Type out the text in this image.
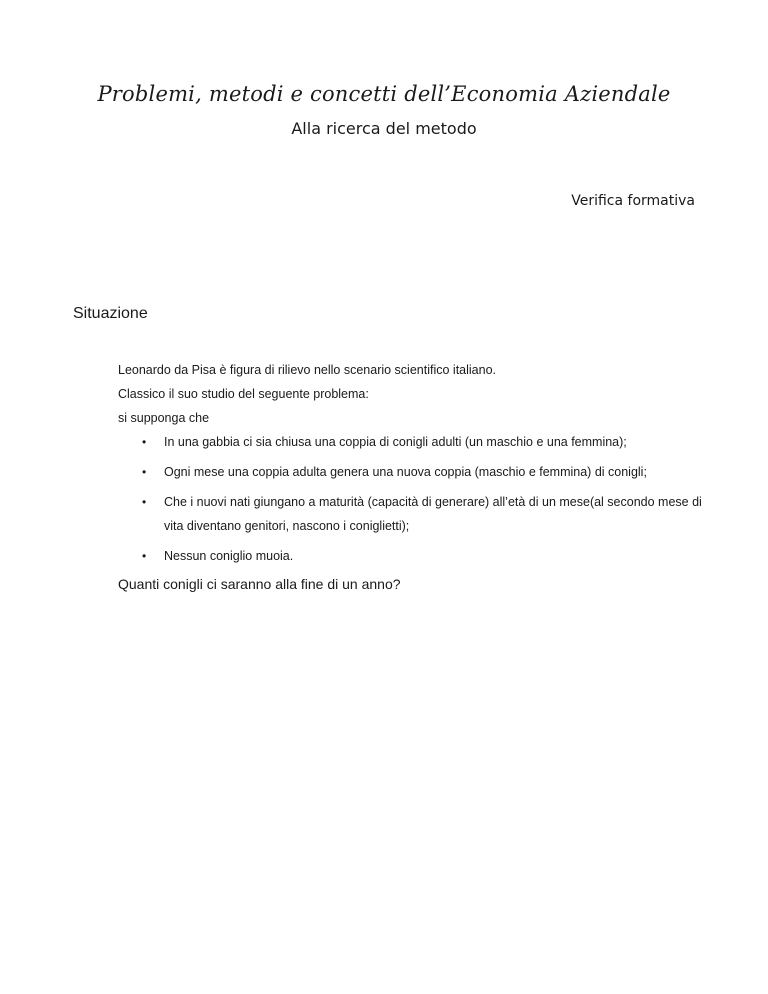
Problemi, metodi e concetti dell’Economia Aziendale
Alla ricerca del metodo
Verifica formativa
Situazione

Leonardo da Pisa è figura di rilievo nello scenario scientifico italiano.

Classico il suo studio del seguente problema:

si supponga che

• In una gabbia ci sia chiusa una coppia di conigli adulti (un maschio e una femmina);
• Ogni mese una coppia adulta genera una nuova coppia (maschio e femmina) di conigli;
• Che i nuovi nati giungano a maturità (capacità di generare) all’età di un mese(al secondo mese di vita diventano genitori, nascono i coniglietti);
• Nessun coniglio muoia.
Quanti conigli ci saranno alla fine di un anno?
